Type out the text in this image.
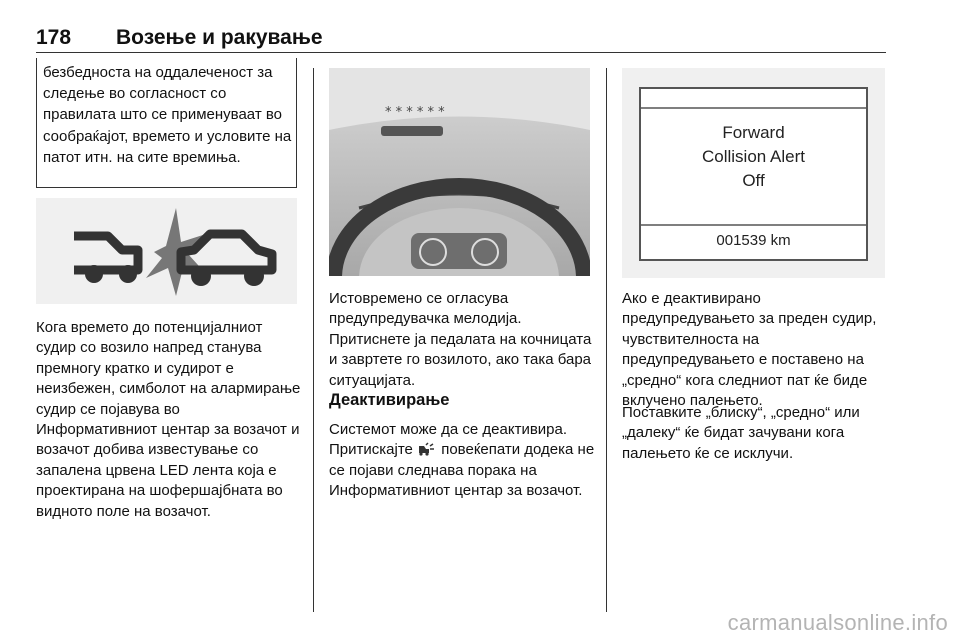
178 Возење и ракување
безбедноста на оддалеченост за следење во согласност со правилата што се применуваат во сообраќајот, времето и условите на патот итн. на сите времиња.
Кога времето до потенцијалниот судир со возило напред станува премногу кратко и судирот е неизбежен, симболот на алармирање судир се појавува во Информативниот центар за возачот и возачот добива известување со запалена црвена LED лента која е проектирана на шофершајбната во видното поле на возачот.
* * * * * *
Истовремено се огласува предупредувачка мелодија. Притиснете ја педалата на кочницата и завртете го возилото, ако така бара ситуацијата.
Деактивирање
Системот може да се деактивира. Притискајте повеќепати додека не се појави следнава порака на Информативниот центар за возачот.
Forward
Collision Alert
Off
001539 km
Ако е деактивирано предупредувањето за преден судир, чувствителноста на предупредувањето е поставено на „средно“ кога следниот пат ќе биде вклучено палењето.
Поставките „блиску“, „средно“ или „далеку“ ќе бидат зачувани кога палењето ќе се исклучи.
carmanualsonline.info
